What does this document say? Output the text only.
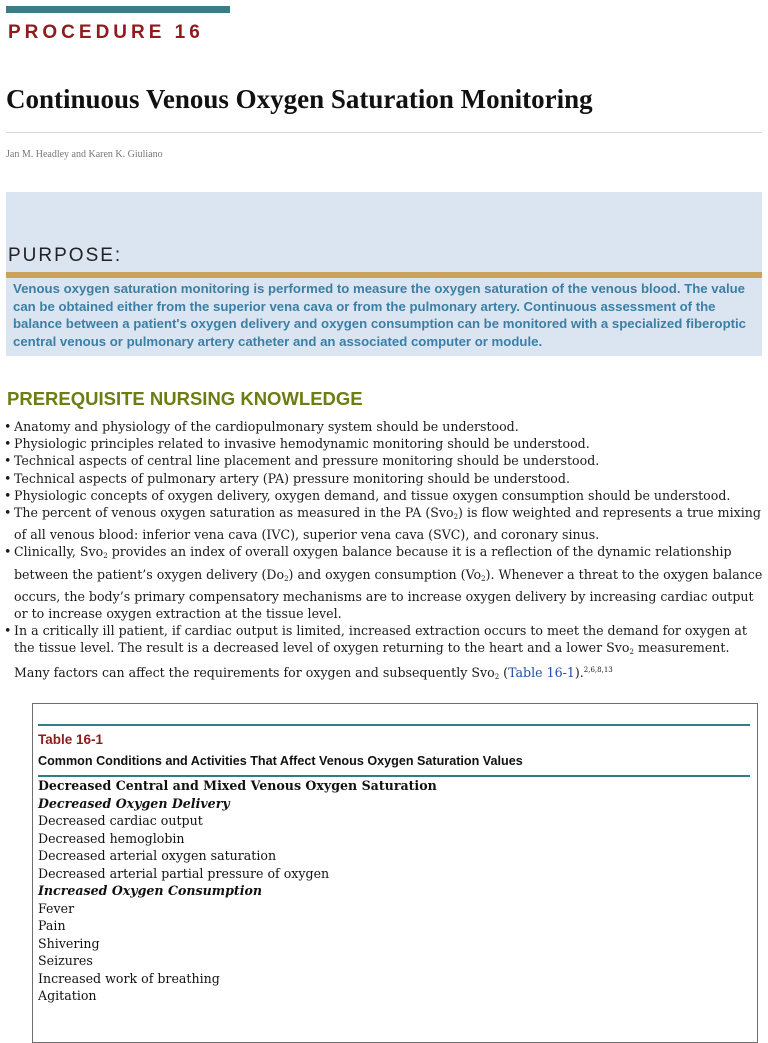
PROCEDURE 16
Continuous Venous Oxygen Saturation Monitoring
Jan M. Headley and Karen K. Giuliano
PURPOSE:

Venous oxygen saturation monitoring is performed to measure the oxygen saturation of the venous blood. The value can be obtained either from the superior vena cava or from the pulmonary artery. Continuous assessment of the balance between a patient's oxygen delivery and oxygen consumption can be monitored with a specialized fiberoptic central venous or pulmonary artery catheter and an associated computer or module.

PREREQUISITE NURSING KNOWLEDGE
• Anatomy and physiology of the cardiopulmonary system should be understood.
• Physiologic principles related to invasive hemodynamic monitoring should be understood.
• Technical aspects of central line placement and pressure monitoring should be understood.
• Technical aspects of pulmonary artery (PA) pressure monitoring should be understood.
• Physiologic concepts of oxygen delivery, oxygen demand, and tissue oxygen consumption should be understood.
• The percent of venous oxygen saturation as measured in the PA (Svo$_2$) is flow weighted and represents a true mixing of all venous blood: inferior vena cava (IVC), superior vena cava (SVC), and coronary sinus.
• Clinically, Svo$_2$ provides an index of overall oxygen balance because it is a reflection of the dynamic relationship between the patient’s oxygen delivery $(Do_2)$ and oxygen consumption $(Vo_2)$. Whenever a threat to the oxygen balance occurs, the body’s primary compensatory mechanisms are to increase oxygen delivery by increasing cardiac output or to increase oxygen extraction at the tissue level.
• In a critically ill patient, if cardiac output is limited, increased extraction occurs to meet the demand for oxygen at the tissue level. The result is a decreased level of oxygen returning to the heart and a lower Svo$_2$ measurement. Many factors can affect the requirements for oxygen and subsequently Svo$_2$ (Table 16-1).$^{2,6,8,13}$
Table 16-1
Common Conditions and Activities That Affect Venous Oxygen Saturation Values
Decreased Central and Mixed Venous Oxygen Saturation
Decreased Oxygen Delivery
Decreased cardiac output
Decreased hemoglobin
Decreased arterial oxygen saturation
Decreased arterial partial pressure of oxygen
Increased Oxygen Consumption
Fever
Pain
Shivering
Seizures
Increased work of breathing
Agitation
